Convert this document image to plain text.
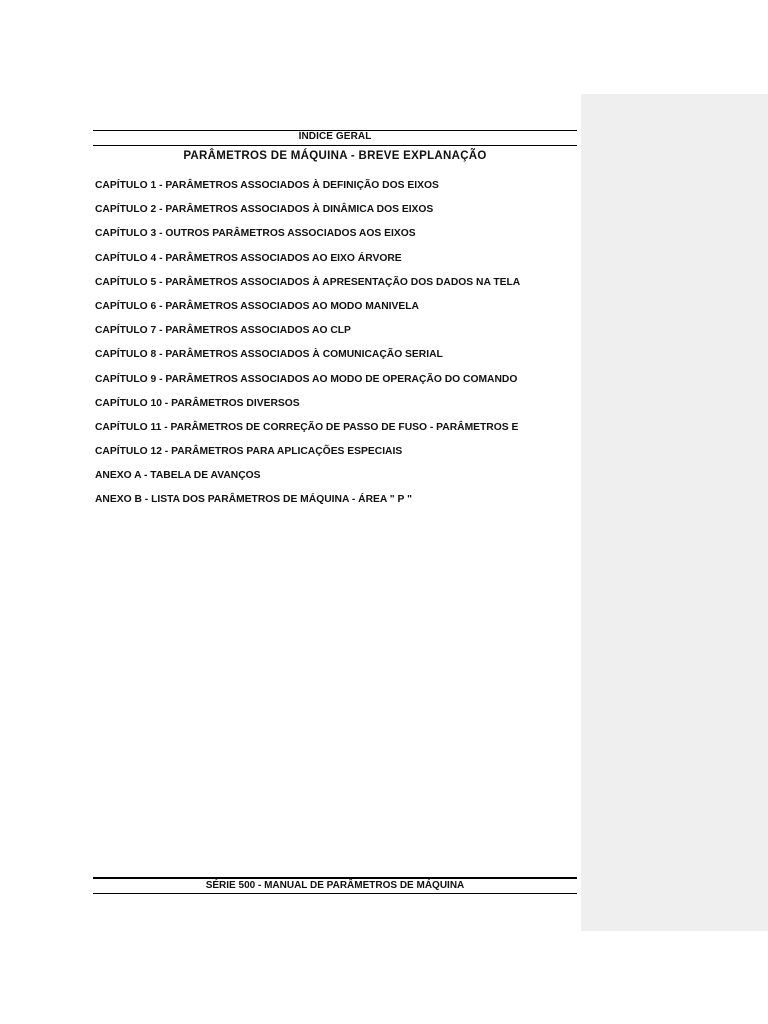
ÍNDICE GERAL
PARÂMETROS DE MÁQUINA - BREVE EXPLANAÇÃO
CAPÍTULO 1 - PARÂMETROS ASSOCIADOS À DEFINIÇÃO DOS EIXOS
CAPÍTULO 2 - PARÂMETROS ASSOCIADOS À DINÂMICA DOS EIXOS
CAPÍTULO 3 - OUTROS PARÂMETROS ASSOCIADOS AOS EIXOS
CAPÍTULO 4 - PARÂMETROS ASSOCIADOS AO EIXO ÁRVORE
CAPÍTULO 5 - PARÂMETROS ASSOCIADOS À APRESENTAÇÃO DOS DADOS NA TELA
CAPÍTULO 6 - PARÂMETROS ASSOCIADOS AO MODO MANIVELA
CAPÍTULO 7 - PARÂMETROS ASSOCIADOS AO CLP
CAPÍTULO 8 - PARÂMETROS ASSOCIADOS À COMUNICAÇÃO SERIAL
CAPÍTULO 9 - PARÂMETROS ASSOCIADOS AO MODO DE OPERAÇÃO DO COMANDO
CAPÍTULO 10 - PARÂMETROS DIVERSOS
CAPÍTULO 11 - PARÂMETROS DE CORREÇÃO DE PASSO DE FUSO - PARÂMETROS E
CAPÍTULO 12 - PARÂMETROS PARA APLICAÇÕES ESPECIAIS
ANEXO A - TABELA DE AVANÇOS
ANEXO B - LISTA DOS PARÂMETROS DE MÁQUINA - ÁREA " P "
SÉRIE 500 - MANUAL DE PARÂMETROS DE MÁQUINA
